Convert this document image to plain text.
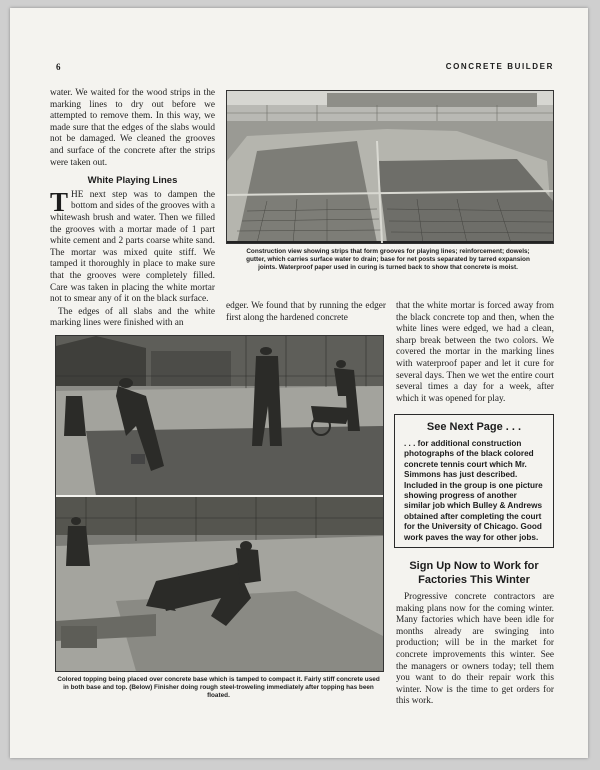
6	CONCRETE BUILDER

water. We waited for the wood strips in the marking lines to dry out before we attempted to remove them. In this way, we made sure that the edges of the slabs would not be damaged. We cleaned the grooves and surface of the concrete after the strips were taken out.

White Playing Lines

THE next step was to dampen the bottom and sides of the grooves with a whitewash brush and water. Then we filled the grooves with a mortar made of 1 part white cement and 2 parts coarse white sand. The mortar was mixed quite stiff. We tamped it thoroughly in place to make sure that the grooves were completely filled. Care was taken in placing the white mortar not to smear any of it on the black surface.

The edges of all slabs and the white marking lines were finished with an

Construction view showing strips that form grooves for playing lines; reinforcement; dowels; gutter, which carries surface water to drain; base for net posts separated by tarred expansion joints. Waterproof paper used in curing is turned back to show that concrete is moist.

edger. We found that by running the edger first along the hardened concrete

that the white mortar is forced away from the black concrete top and then, when the white lines were edged, we had a clean, sharp break between the two colors. We covered the mortar in the marking lines with waterproof paper and let it cure for several days. Then we wet the entire court several times a day for a week, after which it was opened for play.

Colored topping being placed over concrete base which is tamped to compact it. Fairly stiff concrete used in both base and top. (Below) Finisher doing rough steel-troweling immediately after topping has been floated.
See Next Page . . .
. . . for additional construction photographs of the black colored concrete tennis court which Mr. Simmons has just described. Included in the group is one picture showing progress of another similar job which Bulley & Andrews obtained after completing the court for the University of Chicago. Good work paves the way for other jobs.
Sign Up Now to Work for Factories This Winter

Progressive concrete contractors are making plans now for the coming winter. Many factories which have been idle for months already are swinging into production; will be in the market for concrete improvements this winter. See the managers or owners today; tell them you want to do their repair work this winter. Now is the time to get orders for this work.
